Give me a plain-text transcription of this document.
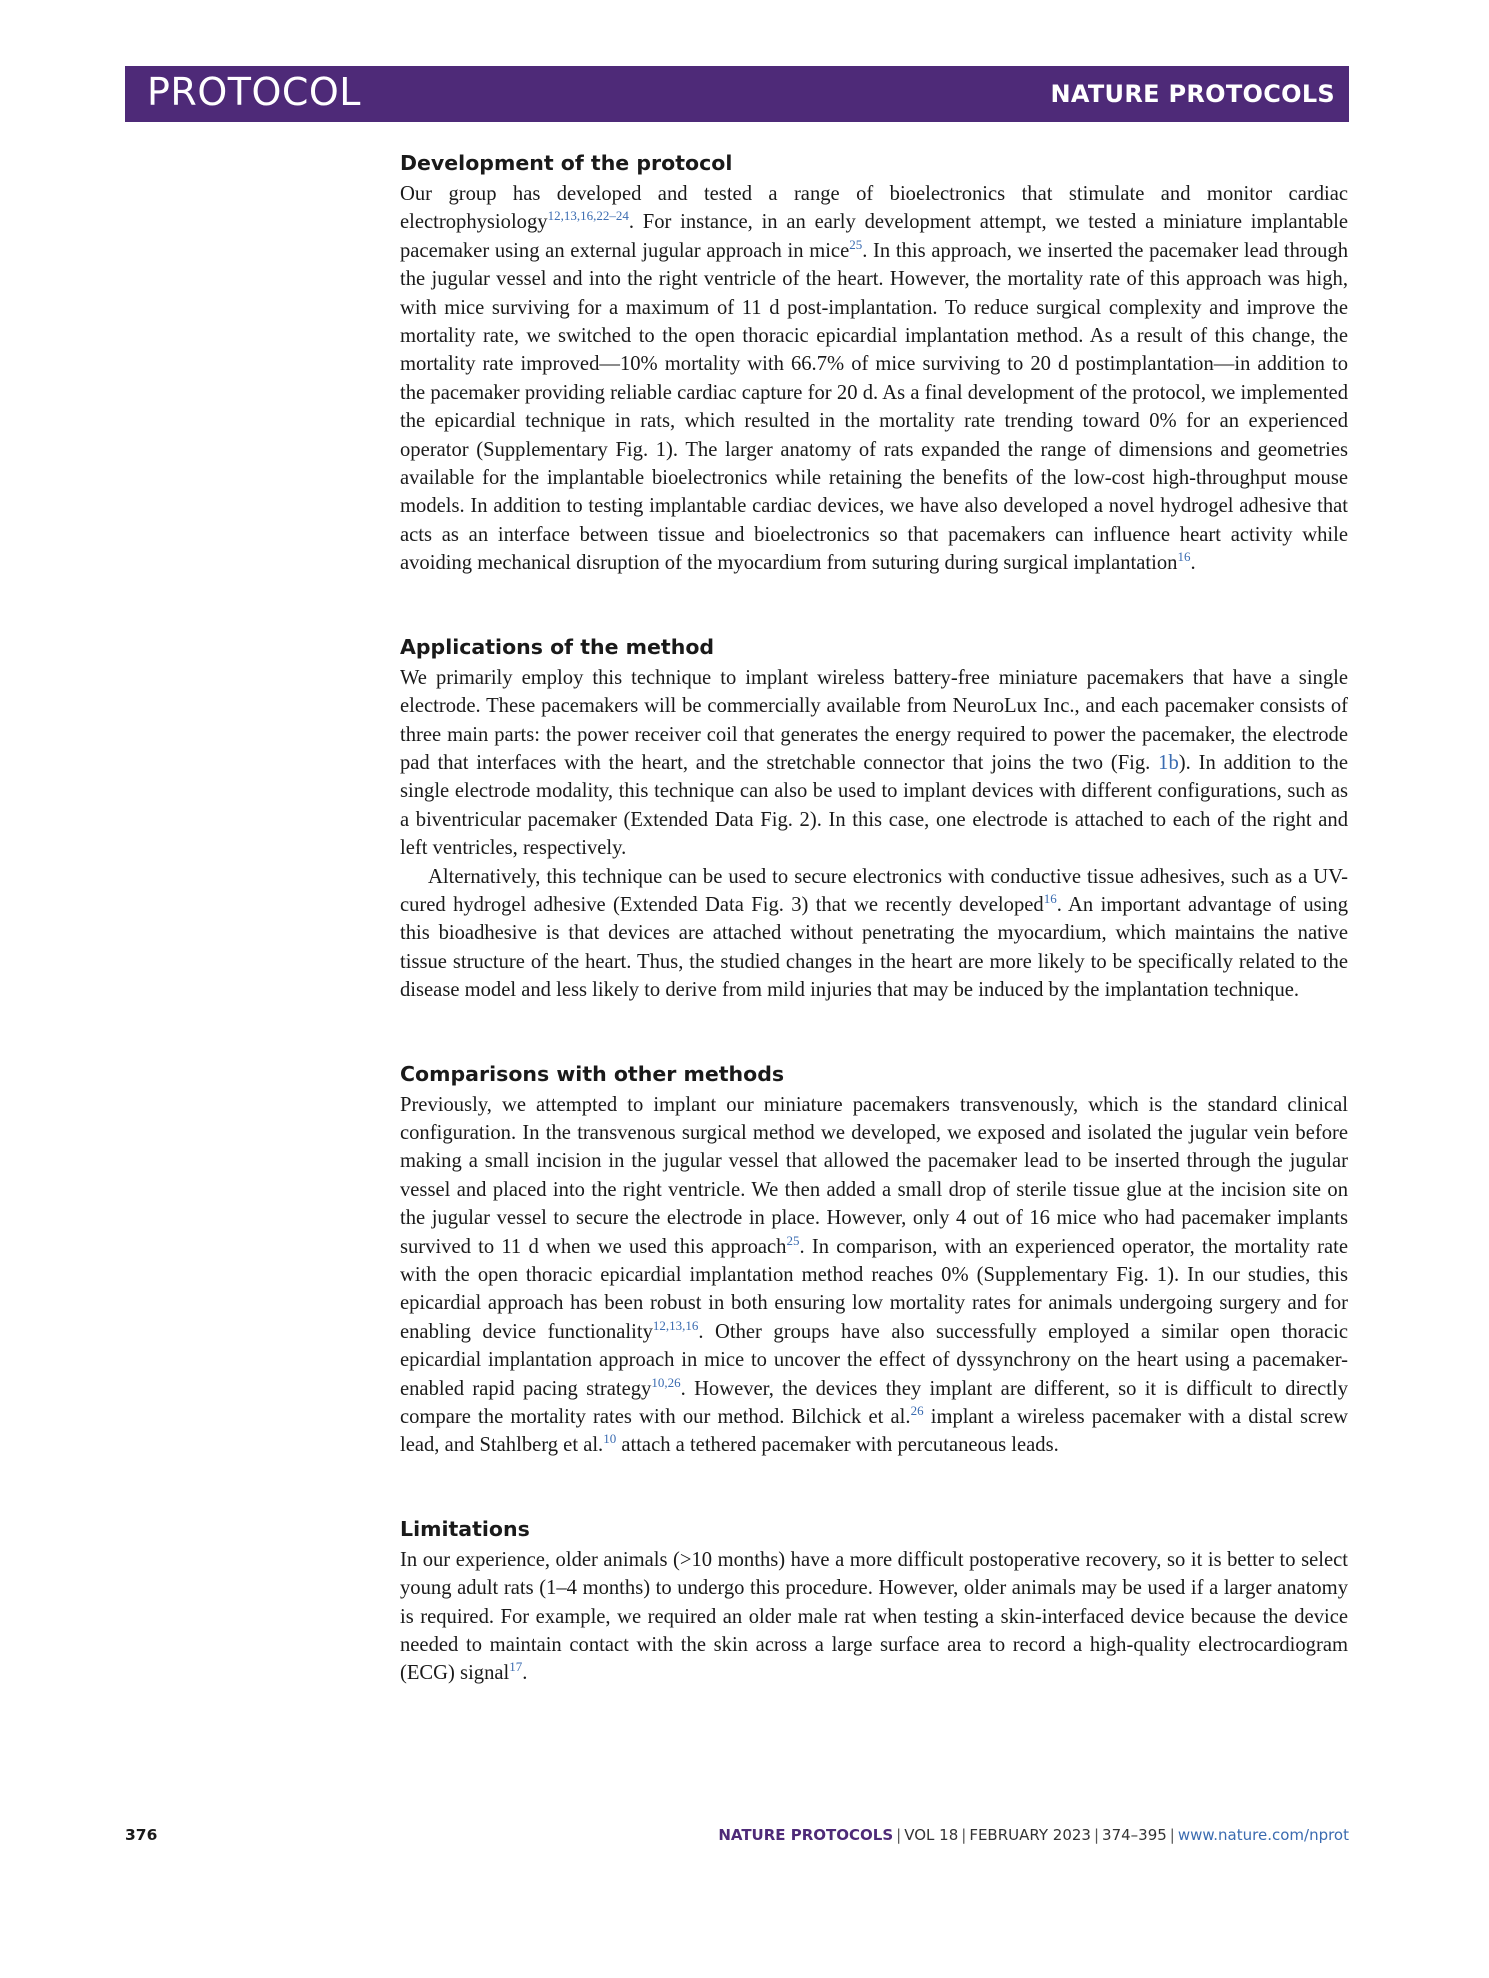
PROTOCOL	NATURE PROTOCOLS
Development of the protocol

Our group has developed and tested a range of bioelectronics that stimulate and monitor cardiac electrophysiology$^{12,13,16,22-24}$. For instance, in an early development attempt, we tested a miniature implantable pacemaker using an external jugular approach in mice$^{25}$. In this approach, we inserted the pacemaker lead through the jugular vessel and into the right ventricle of the heart. However, the mortality rate of this approach was high, with mice surviving for a maximum of 11 d post-implantation. To reduce surgical complexity and improve the mortality rate, we switched to the open thoracic epicardial implantation method. As a result of this change, the mortality rate improved—10% mortality with 66.7% of mice surviving to 20 d postimplantation—in addition to the pacemaker providing reliable cardiac capture for 20 d. As a final development of the protocol, we implemented the epicardial technique in rats, which resulted in the mortality rate trending toward 0% for an experienced operator (Supplementary Fig. 1). The larger anatomy of rats expanded the range of dimensions and geometries available for the implantable bioelectronics while retaining the benefits of the low-cost high-throughput mouse models. In addition to testing implantable cardiac devices, we have also developed a novel hydrogel adhesive that acts as an interface between tissue and bioelectronics so that pacemakers can influence heart activity while avoiding mechanical disruption of the myocardium from suturing during surgical implantation$^{16}$.

Applications of the method

We primarily employ this technique to implant wireless battery-free miniature pacemakers that have a single electrode. These pacemakers will be commercially available from NeuroLux Inc., and each pacemaker consists of three main parts: the power receiver coil that generates the energy required to power the pacemaker, the electrode pad that interfaces with the heart, and the stretchable connector that joins the two (Fig. 1b). In addition to the single electrode modality, this technique can also be used to implant devices with different configurations, such as a biventricular pacemaker (Extended Data Fig. 2). In this case, one electrode is attached to each of the right and left ventricles, respectively.

Alternatively, this technique can be used to secure electronics with conductive tissue adhesives, such as a UV-cured hydrogel adhesive (Extended Data Fig. 3) that we recently developed$^{16}$. An important advantage of using this bioadhesive is that devices are attached without penetrating the myocardium, which maintains the native tissue structure of the heart. Thus, the studied changes in the heart are more likely to be specifically related to the disease model and less likely to derive from mild injuries that may be induced by the implantation technique.

Comparisons with other methods

Previously, we attempted to implant our miniature pacemakers transvenously, which is the standard clinical configuration. In the transvenous surgical method we developed, we exposed and isolated the jugular vein before making a small incision in the jugular vessel that allowed the pacemaker lead to be inserted through the jugular vessel and placed into the right ventricle. We then added a small drop of sterile tissue glue at the incision site on the jugular vessel to secure the electrode in place. However, only 4 out of 16 mice who had pacemaker implants survived to 11 d when we used this approach$^{25}$. In comparison, with an experienced operator, the mortality rate with the open thoracic epicardial implantation method reaches 0% (Supplementary Fig. 1). In our studies, this epicardial approach has been robust in both ensuring low mortality rates for animals undergoing surgery and for enabling device functionality$^{12,13,16}$. Other groups have also successfully employed a similar open thoracic epicardial implantation approach in mice to uncover the effect of dyssynchrony on the heart using a pacemaker-enabled rapid pacing strategy$^{10,26}$. However, the devices they implant are different, so it is difficult to directly compare the mortality rates with our method. Bilchick et al.$^{26}$ implant a wireless pacemaker with a distal screw lead, and Stahlberg et al.$^{10}$ attach a tethered pacemaker with percutaneous leads.

Limitations

In our experience, older animals (>10 months) have a more difficult postoperative recovery, so it is better to select young adult rats (1–4 months) to undergo this procedure. However, older animals may be used if a larger anatomy is required. For example, we required an older male rat when testing a skin-interfaced device because the device needed to maintain contact with the skin across a large surface area to record a high-quality electrocardiogram (ECG) signal$^{17}$.

376	NATURE PROTOCOLS | VOL 18 | FEBRUARY 2023 | 374–395 | www.nature.com/nprot
